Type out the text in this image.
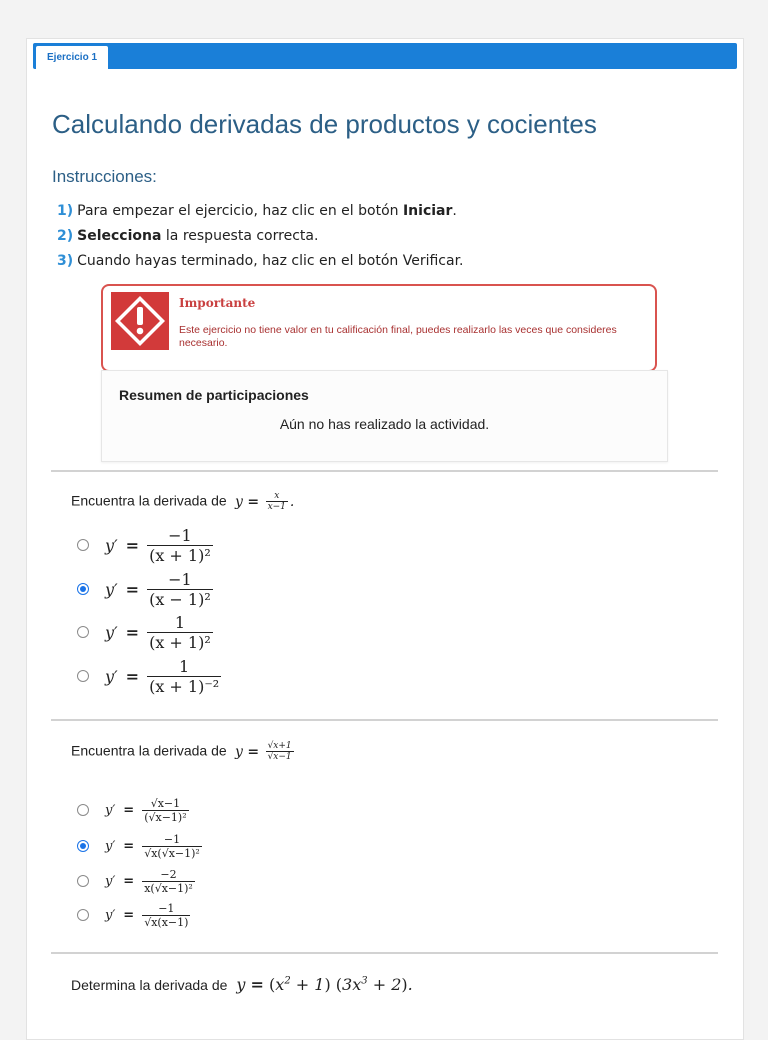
Ejercicio 1
Calculando derivadas de productos y cocientes
Instrucciones:
1) Para empezar el ejercicio, haz clic en el botón Iniciar.
2) Selecciona la respuesta correcta.
3) Cuando hayas terminado, haz clic en el botón Verificar.
Importante
Este ejercicio no tiene valor en tu calificación final, puedes realizarlo las veces que consideres necesario.
Resumen de participaciones
Aún no has realizado la actividad.
Encuentra la derivada de  $y = \frac{x}{x-1}$ .
$y' = \frac{-1}{\text{(x + 1)²}}$
$y' = \frac{-1}{\text{(x − 1)²}}$
$y' = \frac{1}{\text{(x + 1)²}}$
$y' = \frac{1}{\text{(x + 1)⁻²}}$
Encuentra la derivada de  $y = \frac{√x+1}{√x-1}$
$y' = \frac{√x-1}{\text{(√x−1)²}}$
$y' = \frac{-1}{\text{√x(√x−1)²}}$
$y' = \frac{-2}{\text{x(√x−1)²}}$
$y' = \frac{-1}{√x(x-1)}$
Determina la derivada de  $y = (x^2 + 1) (3x^3 + 2)$.
